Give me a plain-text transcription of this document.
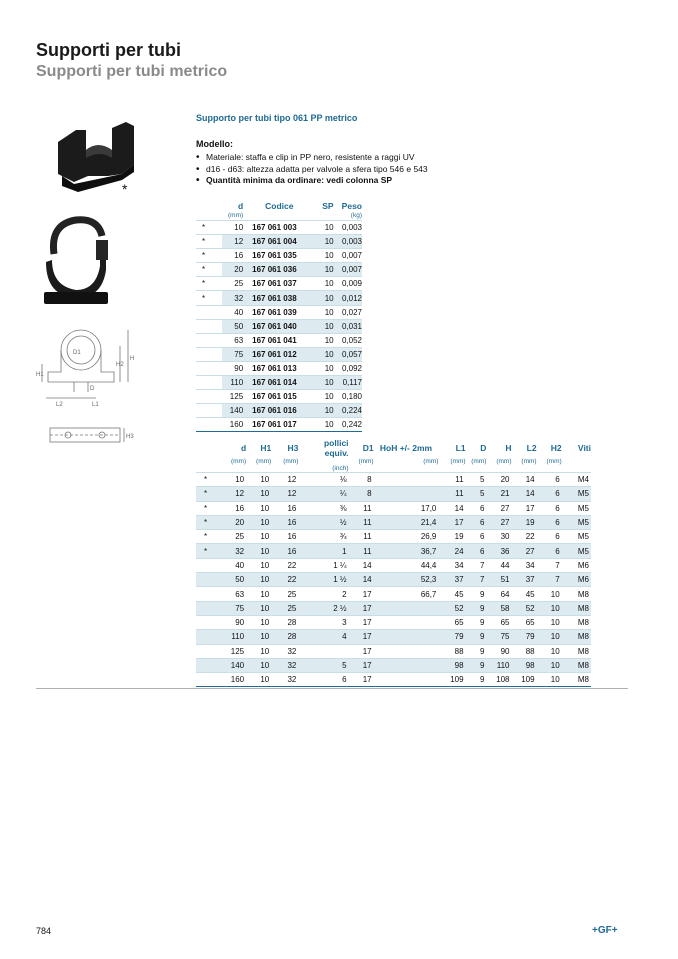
Supporti per tubi
Supporti per tubi metrico
*
D1
H1
H2
H
D
L2	L1
H3
Supporto per tubi tipo 061 PP metrico
Modello:
• Materiale: staffa e clip in PP nero, resistente a raggi UV
• d16 - d63: altezza adatta per valvole a sfera tipo 546 e 543
• Quantità minima da ordinare: vedi colonna SP
	d	Codice	SP	Peso
	(mm)			(kg)
*	10	167 061 003	10	0,003
*	12	167 061 004	10	0,003
*	16	167 061 035	10	0,007
*	20	167 061 036	10	0,007
*	25	167 061 037	10	0,009
*	32	167 061 038	10	0,012
	40	167 061 039	10	0,027
	50	167 061 040	10	0,031
	63	167 061 041	10	0,052
	75	167 061 012	10	0,057
	90	167 061 013	10	0,092
	110	167 061 014	10	0,117
	125	167 061 015	10	0,180
	140	167 061 016	10	0,224
	160	167 061 017	10	0,242
	d	H1	H3	pollici
equiv.	D1	HoH +/- 2mm	L1	D	H	L2	H2	Viti
	(mm)	(mm)	(mm)	(inch)	(mm)	(mm)	(mm)	(mm)	(mm)	(mm)	(mm)	
*	10	10	12	⅛	8		11	5	20	14	6	M4
*	12	10	12	¼	8		11	5	21	14	6	M5
*	16	10	16	⅜	11	17,0	14	6	27	17	6	M5
*	20	10	16	½	11	21,4	17	6	27	19	6	M5
*	25	10	16	¾	11	26,9	19	6	30	22	6	M5
*	32	10	16	1	11	36,7	24	6	36	27	6	M5
	40	10	22	1 ¼	14	44,4	34	7	44	34	7	M6
	50	10	22	1 ½	14	52,3	37	7	51	37	7	M6
	63	10	25	2	17	66,7	45	9	64	45	10	M8
	75	10	25	2 ½	17		52	9	58	52	10	M8
	90	10	28	3	17		65	9	65	65	10	M8
	110	10	28	4	17		79	9	75	79	10	M8
	125	10	32		17		88	9	90	88	10	M8
	140	10	32	5	17		98	9	110	98	10	M8
	160	10	32	6	17		109	9	108	109	10	M8
784	+GF+
